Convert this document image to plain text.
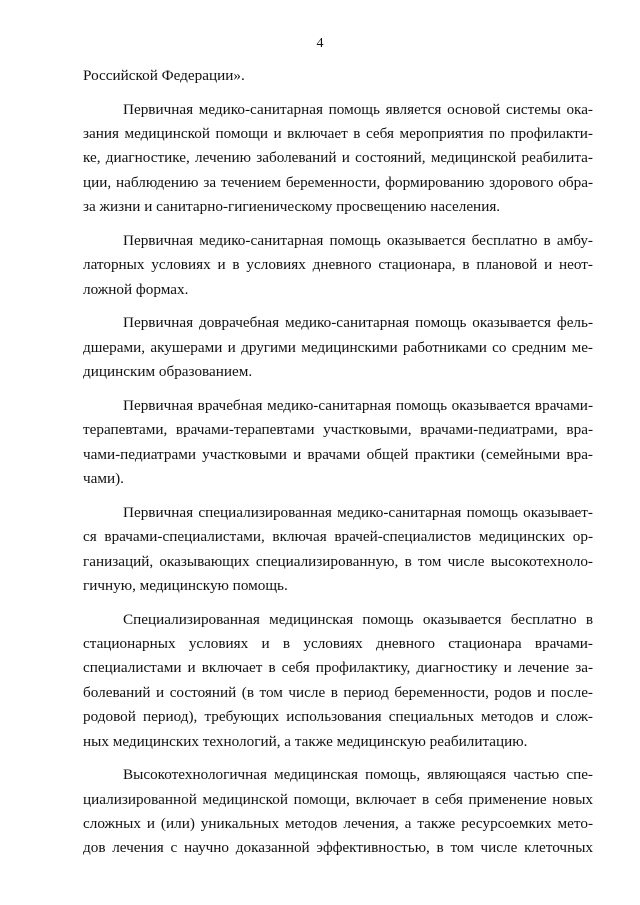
4
Российской Федерации».
Первичная медико-санитарная помощь является основой системы ока-
зания медицинской помощи и включает в себя мероприятия по профилакти-
ке, диагностике, лечению заболеваний и состояний, медицинской реабилита-
ции, наблюдению за течением беременности, формированию здорового обра-
за жизни и санитарно-гигиеническому просвещению населения.
Первичная медико-санитарная помощь оказывается бесплатно в амбу-
латорных условиях и в условиях дневного стационара, в плановой и неот-
ложной формах.
Первичная доврачебная медико-санитарная помощь оказывается фель-
дшерами, акушерами и другими медицинскими работниками со средним ме-
дицинским образованием.
Первичная врачебная медико-санитарная помощь оказывается врачами-
терапевтами, врачами-терапевтами участковыми, врачами-педиатрами, вра-
чами-педиатрами участковыми и врачами общей практики (семейными вра-
чами).
Первичная специализированная медико-санитарная помощь оказывает-
ся врачами-специалистами, включая врачей-специалистов медицинских ор-
ганизаций, оказывающих специализированную, в том числе высокотехноло-
гичную, медицинскую помощь.
Специализированная медицинская помощь оказывается бесплатно в
стационарных условиях и в условиях дневного стационара врачами-
специалистами и включает в себя профилактику, диагностику и лечение за-
болеваний и состояний (в том числе в период беременности, родов и после-
родовой период), требующих использования специальных методов и слож-
ных медицинских технологий, а также медицинскую реабилитацию.
Высокотехнологичная медицинская помощь, являющаяся частью спе-
циализированной медицинской помощи, включает в себя применение новых
сложных и (или) уникальных методов лечения, а также ресурсоемких мето-
дов лечения с научно доказанной эффективностью, в том числе клеточных
